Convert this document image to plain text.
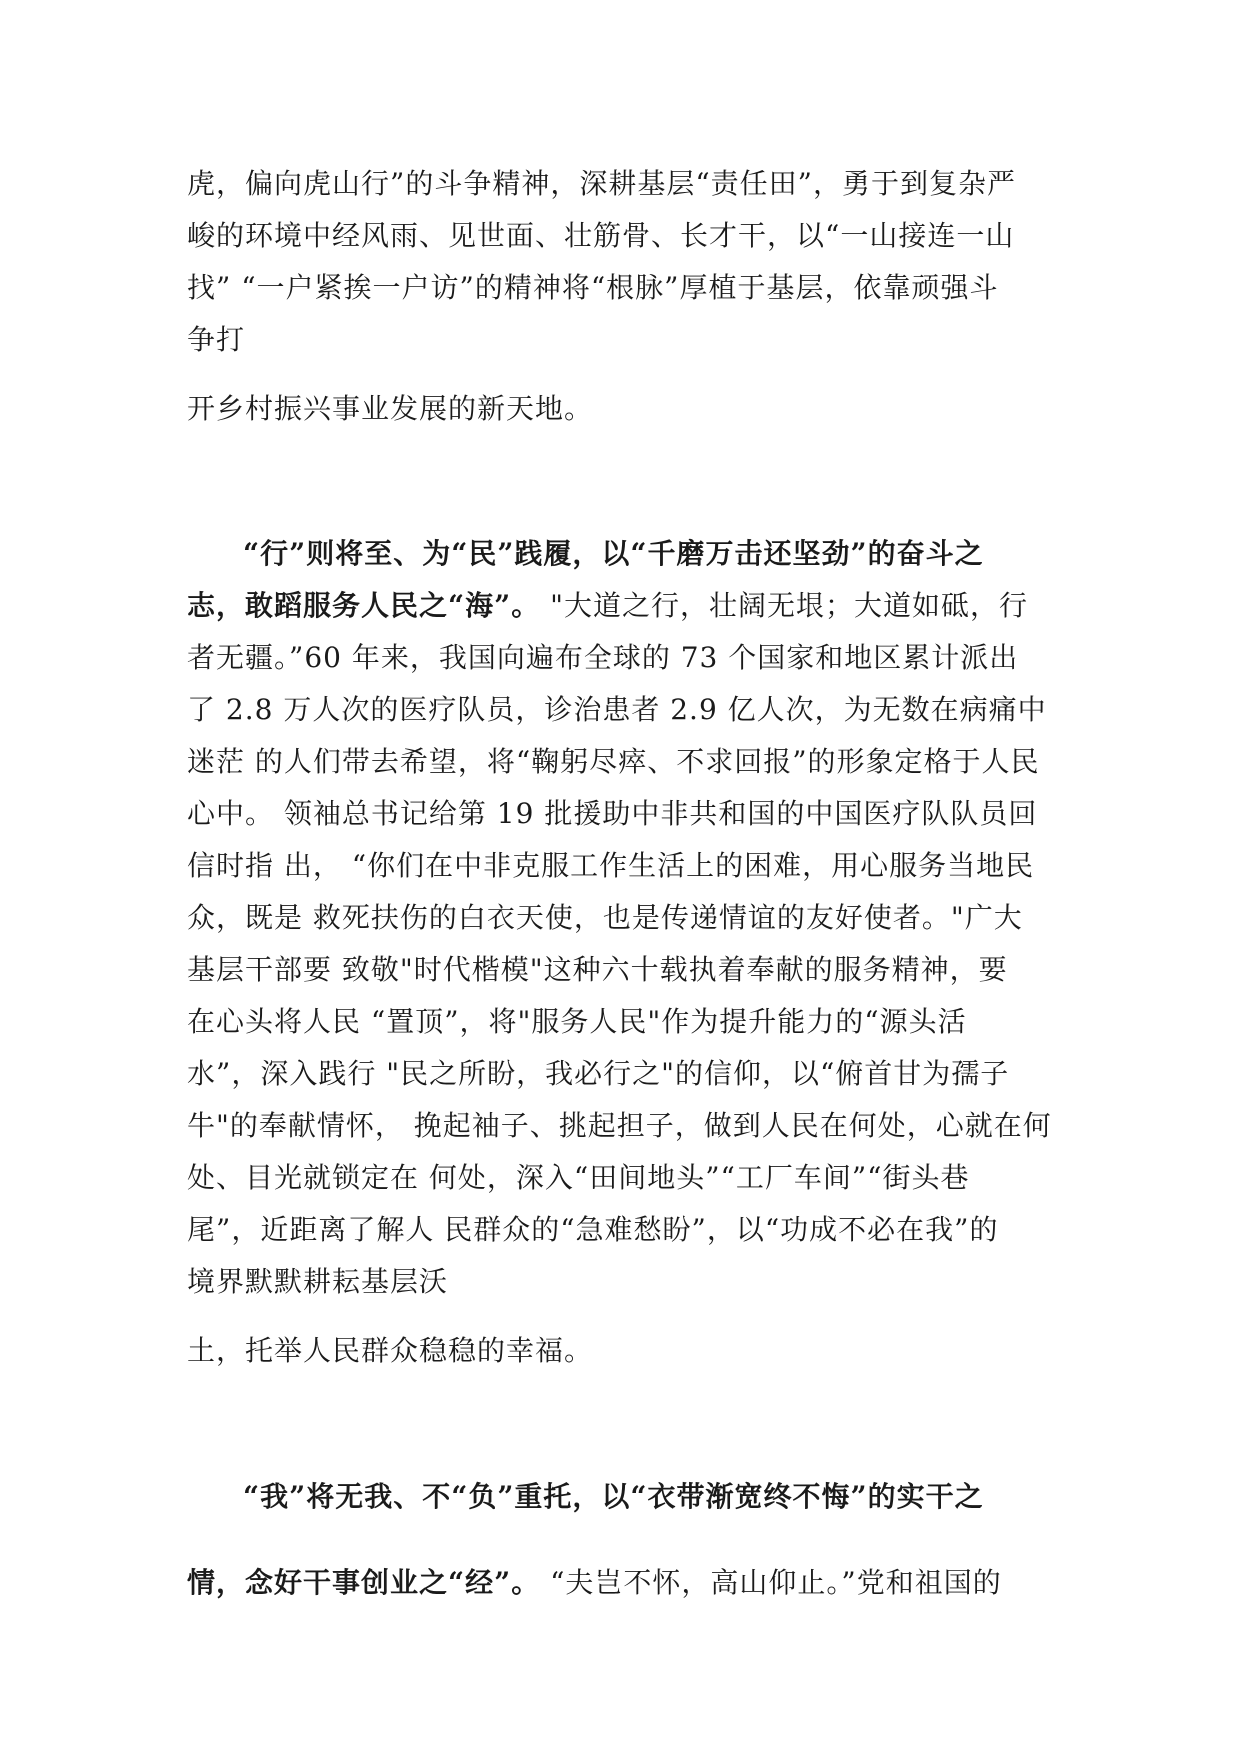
虎，偏向虎山行”的斗争精神，深耕基层“责任田”，勇于到复杂严
峻的环境中经风雨、见世面、壮筋骨、长才干，以“一山接连一山
找” “一户紧挨一户访”的精神将“根脉”厚植于基层，依靠顽强斗
争打
开乡村振兴事业发展的新天地。
“行”则将至、为“民”践履，以“千磨万击还坚劲”的奋斗之
志，敢蹈服务人民之“海”。 "大道之行，壮阔无垠；大道如砥，行
者无疆。”60 年来，我国向遍布全球的 73 个国家和地区累计派出
了 2.8 万人次的医疗队员，诊治患者 2.9 亿人次，为无数在病痛中
迷茫 的人们带去希望，将“鞠躬尽瘁、不求回报”的形象定格于人民
心中。 领袖总书记给第 19 批援助中非共和国的中国医疗队队员回
信时指 出， “你们在中非克服工作生活上的困难，用心服务当地民
众，既是 救死扶伤的白衣天使，也是传递情谊的友好使者。"广大
基层干部要 致敬"时代楷模"这种六十载执着奉献的服务精神，要
在心头将人民 “置顶”，将"服务人民"作为提升能力的“源头活
水”，深入践行 "民之所盼，我必行之"的信仰，以“俯首甘为孺子
牛"的奉献情怀， 挽起袖子、挑起担子，做到人民在何处，心就在何
处、目光就锁定在 何处，深入“田间地头”“工厂车间”“街头巷
尾”，近距离了解人 民群众的“急难愁盼”，以“功成不必在我”的
境界默默耕耘基层沃
土，托举人民群众稳稳的幸福。
“我”将无我、不“负”重托，以“衣带渐宽终不悔”的实干之
情，念好干事创业之“经”。 “夫岂不怀，高山仰止。”党和祖国的
